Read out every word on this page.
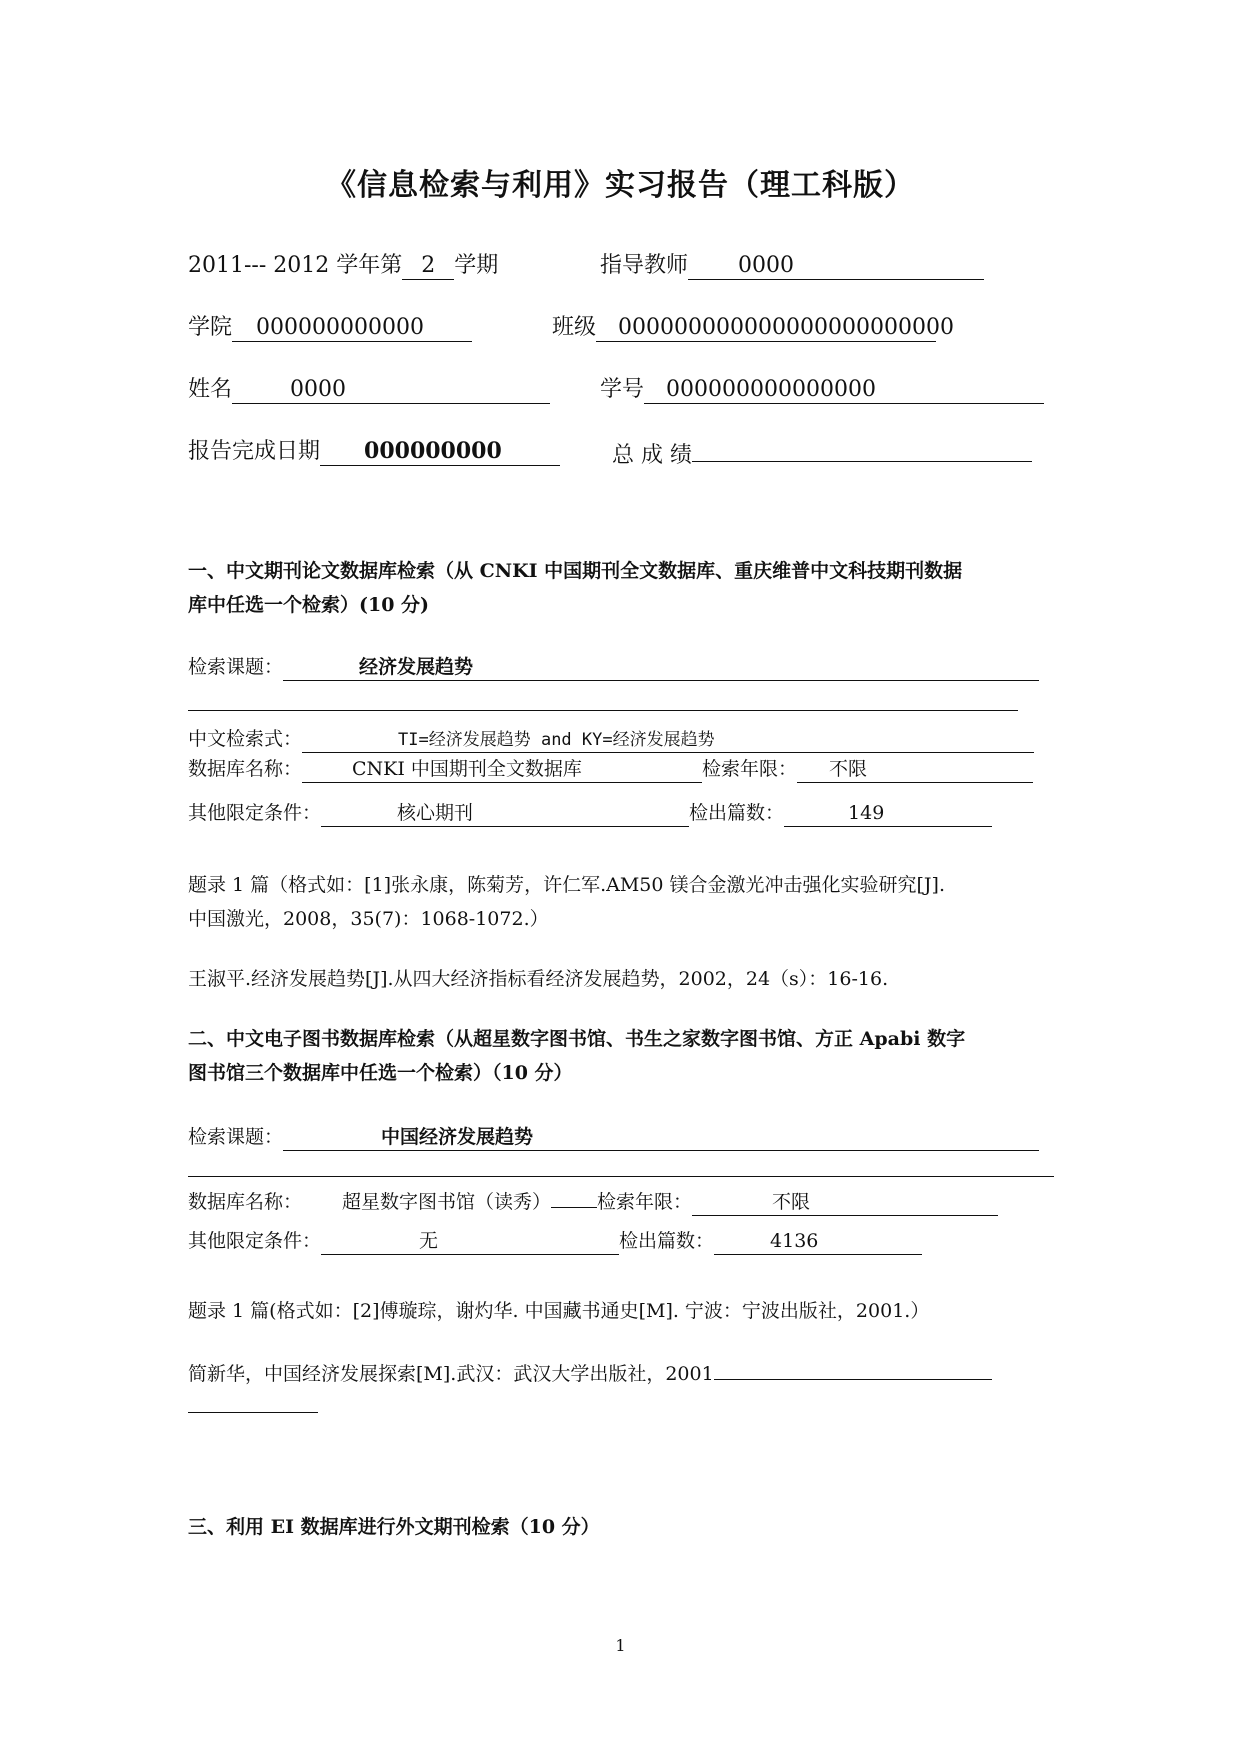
《信息检索与利用》实习报告（理工科版）
2011--- 2012 学年第 2 学期	指导教师 0000
学院 000000000000	班级 000000000000000000000000
姓名	0000	学号 000000000000000
报告完成日期 000000000	总 成 绩
一、中文期刊论文数据库检索（从 CNKI 中国期刊全文数据库、重庆维普中文科技期刊数据
库中任选一个检索）(10 分)
检索课题：	经济发展趋势
中文检索式：	TI=经济发展趋势 and KY=经济发展趋势
数据库名称：	CNKI 中国期刊全文数据库	检索年限： 不限
其他限定条件：	核心期刊	检出篇数：	149
题录 1 篇（格式如：[1]张永康，陈菊芳，许仁军.AM50 镁合金激光冲击强化实验研究[J].
中国激光，2008，35(7)：1068-1072.）
王淑平.经济发展趋势[J].从四大经济指标看经济发展趋势，2002，24（s）：16-16.
二、中文电子图书数据库检索（从超星数字图书馆、书生之家数字图书馆、方正 Apabi 数字
图书馆三个数据库中任选一个检索）（10 分）
检索课题：	中国经济发展趋势
数据库名称： 超星数字图书馆（读秀） 检索年限：	不限
其他限定条件：	无	检出篇数：	4136
题录 1 篇(格式如：[2]傅璇琮，谢灼华. 中国藏书通史[M]. 宁波：宁波出版社，2001.）
简新华，中国经济发展探索[M].武汉：武汉大学出版社，2001
三、利用 EI 数据库进行外文期刊检索（10 分）
1
